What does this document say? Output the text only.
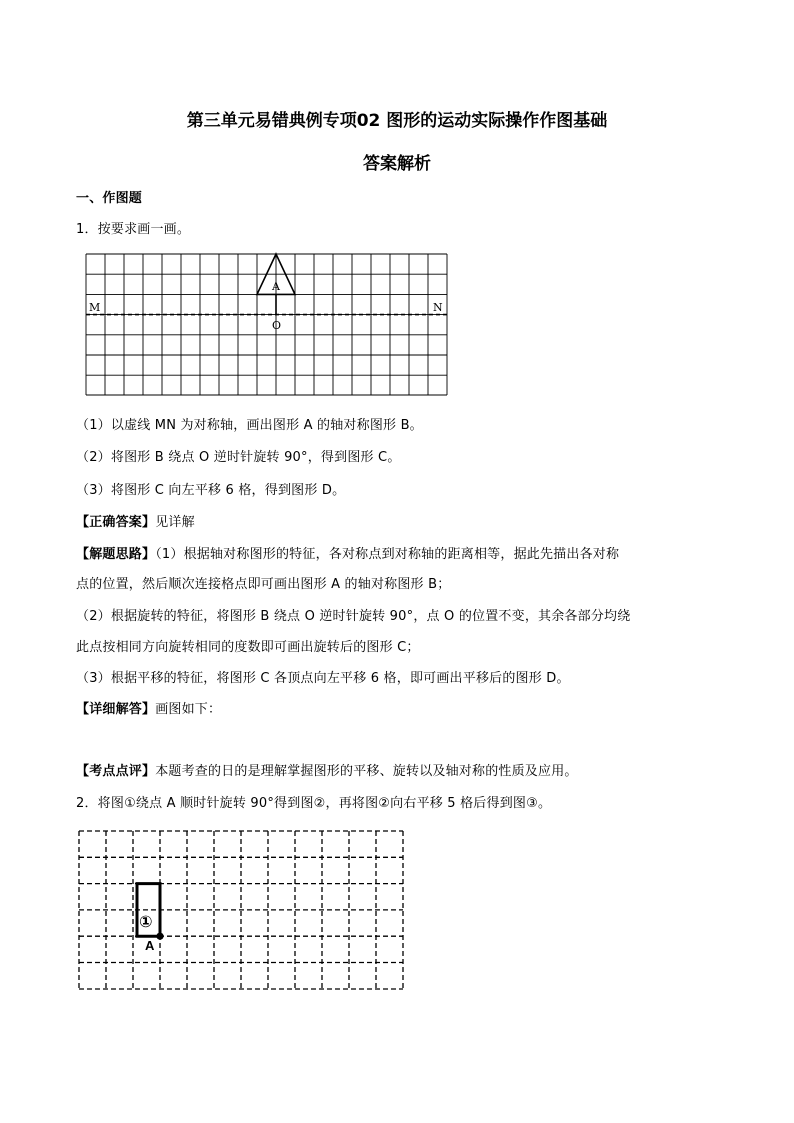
第三单元易错典例专项02 图形的运动实际操作作图基础
答案解析
一、作图题
1．按要求画一画。
M	N
A
O
（1）以虚线 MN 为对称轴，画出图形 A 的轴对称图形 B。
（2）将图形 B 绕点 O 逆时针旋转 90°，得到图形 C。
（3）将图形 C 向左平移 6 格，得到图形 D。
【正确答案】见详解
【解题思路】（1）根据轴对称图形的特征，各对称点到对称轴的距离相等，据此先描出各对称
点的位置，然后顺次连接格点即可画出图形 A 的轴对称图形 B；
（2）根据旋转的特征，将图形 B 绕点 O 逆时针旋转 90°，点 O 的位置不变，其余各部分均绕
此点按相同方向旋转相同的度数即可画出旋转后的图形 C；
（3）根据平移的特征，将图形 C 各顶点向左平移 6 格，即可画出平移后的图形 D。
【详细解答】画图如下：
【考点点评】本题考查的日的是理解掌握图形的平移、旋转以及轴对称的性质及应用。
2．将图①绕点 A 顺时针旋转 90°得到图②，再将图②向右平移 5 格后得到图③。
①
A
